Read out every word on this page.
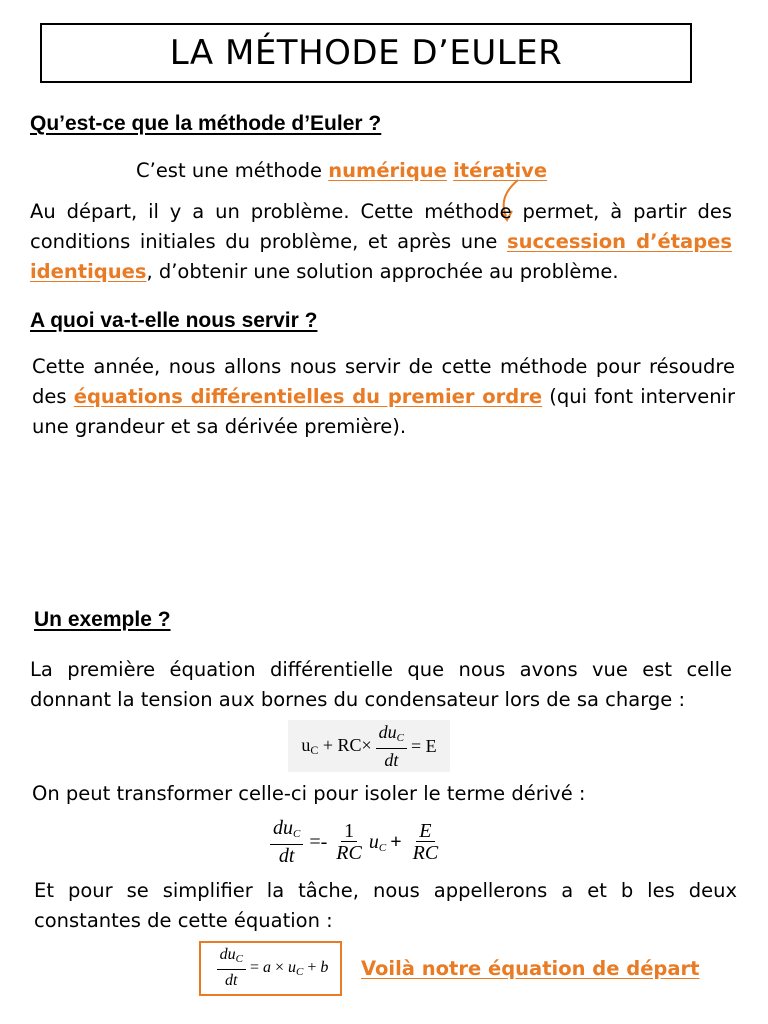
LA MÉTHODE D’EULER
Qu’est-ce que la méthode d’Euler ?
C’est une méthode numérique itérative
Au départ, il y a un problème. Cette méthode permet, à partir des conditions initiales du problème, et après une succession d’étapes identiques, d’obtenir une solution approchée au problème.
A quoi va-t-elle nous servir ?
Cette année, nous allons nous servir de cette méthode pour résoudre des équations différentielles du premier ordre (qui font intervenir une grandeur et sa dérivée première).
Un exemple ?
La première équation différentielle que nous avons vue est celle donnant la tension aux bornes du condensateur lors de sa charge :
uC + $RC\times \frac{du_C}{dt} = E$
On peut transformer celle-ci pour isoler le terme dérivé :
$\frac{du_C}{dt} =- \frac{1}{RC} u_C + \frac{E}{RC}$
Et pour se simplifier la tâche, nous appellerons a et b les deux constantes de cette équation :
$\frac{du_C}{dt} = a \times u_C + b$ Voilà notre équation de départ
